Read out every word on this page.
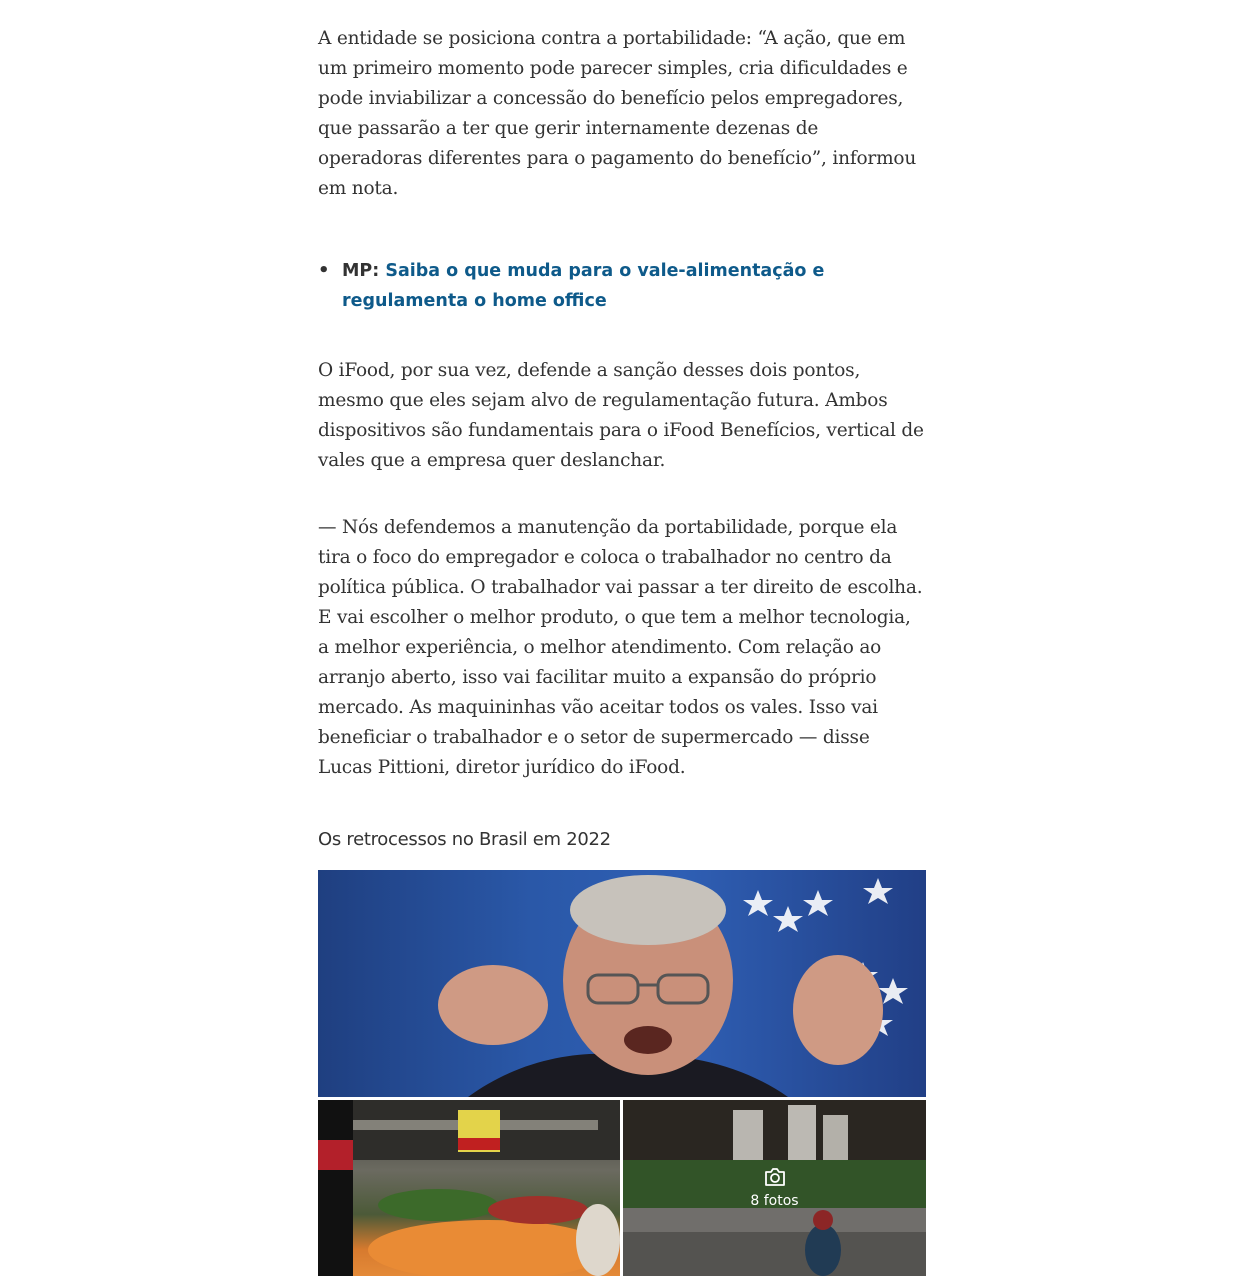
A entidade se posiciona contra a portabilidade: “A ação, que em um primeiro momento pode parecer simples, cria dificuldades e pode inviabilizar a concessão do benefício pelos empregadores, que passarão a ter que gerir internamente dezenas de operadoras diferentes para o pagamento do benefício”, informou em nota.

• MP: Saiba o que muda para o vale-alimentação e regulamenta o home office

O iFood, por sua vez, defende a sanção desses dois pontos, mesmo que eles sejam alvo de regulamentação futura. Ambos dispositivos são fundamentais para o iFood Benefícios, vertical de vales que a empresa quer deslanchar.

— Nós defendemos a manutenção da portabilidade, porque ela tira o foco do empregador e coloca o trabalhador no centro da política pública. O trabalhador vai passar a ter direito de escolha. E vai escolher o melhor produto, o que tem a melhor tecnologia, a melhor experiência, o melhor atendimento. Com relação ao arranjo aberto, isso vai facilitar muito a expansão do próprio mercado. As maquininhas vão aceitar todos os vales. Isso vai beneficiar o trabalhador e o setor de supermercado — disse Lucas Pittioni, diretor jurídico do iFood.

Os retrocessos no Brasil em 2022
8 fotos
